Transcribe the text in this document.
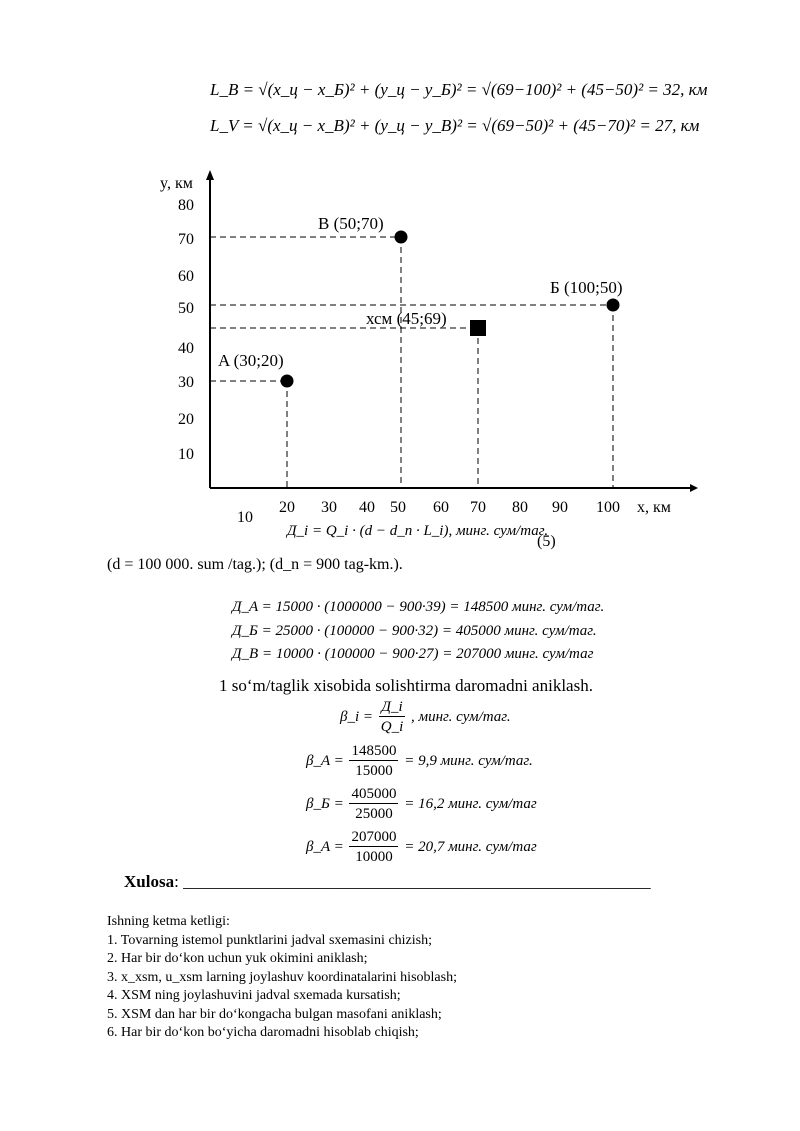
L_B = √(x_ц − x_Б)² + (y_ц − y_Б)² = √(69−100)² + (45−50)² = 32, км
L_V = √(x_ц − x_B)² + (y_ц − y_B)² = √(69−50)² + (45−70)² = 27, км
10
20
30
40
50
60
70
80
10
20 30 40 50 60 70 80 90 100 x, км
y, км
A (30;20)
B (50;70)
Б (100;50)
хсм (45;69)
Д_i = Q_i · (d − d_n · L_i), минг. сум/таг.
(5)
(d = 100 000. sum /tag.); (d_n = 900 tag-km.).
Д_A = 15000 · (1000000 − 900·39) = 148500 минг. сум/таг.
Д_Б = 25000 · (100000 − 900·32) = 405000 минг. сум/таг.
Д_B = 10000 · (100000 − 900·27) = 207000 минг. сум/таг
1 so‘m/taglik xisobida solishtirma daromadni aniklash.
β_i = $\frac{Д\_i}{Q\_i}$ , минг. сум/таг.
β_A = $\frac{148500}{15000} = 9,9$ минг. сум/таг.
β_Б = $\frac{405000}{25000} = 16,2$ минг. сум/таг
β_A = $\frac{207000}{10000} = 20,7$ минг. сум/таг
Xulosa: _______________________________________________________
Ishning ketma ketligi:
1. Tovarning istemol punktlarini jadval sxemasini chizish;
2. Har bir do‘kon uchun yuk okimini aniklash;
3. x_xsm, u_xsm larning joylashuv koordinatalarini hisoblash;
4. XSM ning joylashuvini jadval sxemada kursatish;
5. XSM dan har bir do‘kongacha bulgan masofani aniklash;
6. Har bir do‘kon bo‘yicha daromadni hisoblab chiqish;
